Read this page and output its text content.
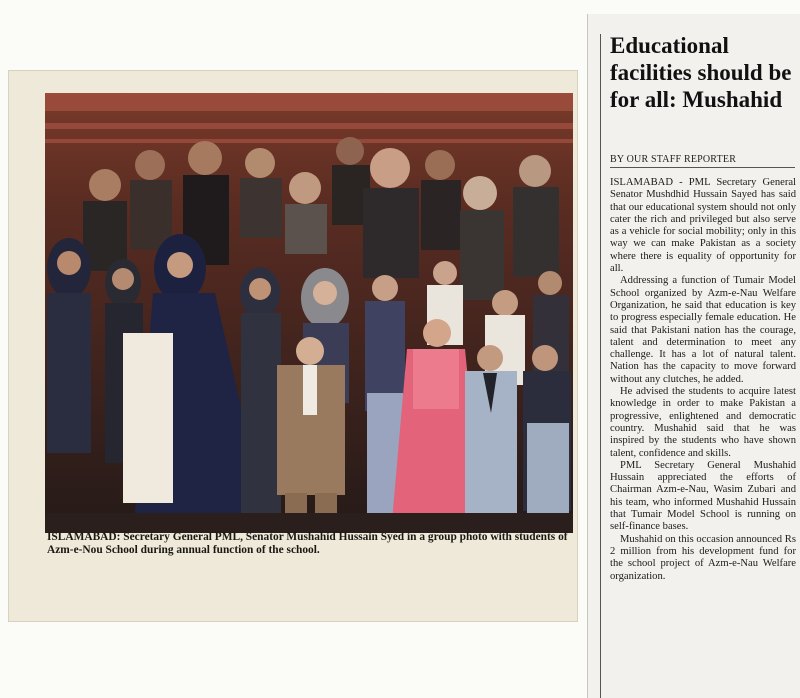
ISLAMABAD: Secretary General PML, Senator Mushahid Hussain Syed in a group photo with students of Azm-e-Nou School during annual function of the school.

Educational facilities should be for all: Mushahid

BY OUR STAFF REPORTER

ISLAMABAD - PML Secretary General Senator Mushdhid Hussain Sayed has said that our educational system should not only cater the rich and privileged but also serve as a vehicle for social mobility; only in this way we can make Pakistan as a society where there is equality of opportunity for all.

Addressing a function of Tumair Model School organized by Azm-e-Nau Welfare Organization, he said that education is key to progress especially female education. He said that Pakistani nation has the courage, talent and determination to meet any challenge. It has a lot of natural talent. Nation has the capacity to move forward without any clutches, he added.

He advised the students to acquire latest knowledge in order to make Pakistan a progressive, enlightened and democratic country. Mushahid said that he was inspired by the students who have shown talent, confidence and skills.

PML Secretary General Mushahid Hussain appreciated the efforts of Chairman Azm-e-Nau, Wasim Zubari and his team, who informed Mushahid Hussain that Tumair Model School is running on self-finance bases.

Mushahid on this occasion announced Rs 2 million from his development fund for the school project of Azm-e-Nau Welfare organization.
